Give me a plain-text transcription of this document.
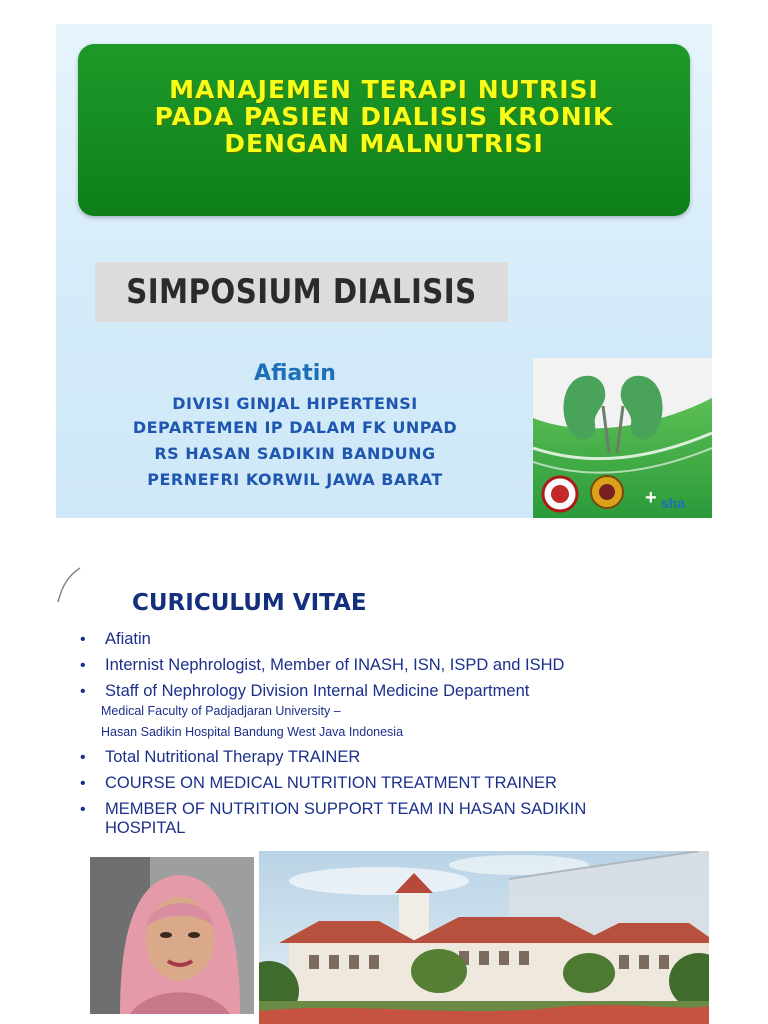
MANAJEMEN TERAPI NUTRISI
PADA PASIEN DIALISIS KRONIK
DENGAN MALNUTRISI

SIMPOSIUM DIALISIS
Afiatin
DIVISI GINJAL HIPERTENSI
DEPARTEMEN IP DALAM FK UNPAD
RS HASAN SADIKIN BANDUNG
PERNEFRI KORWIL JAWA BARAT
+ sha
CURICULUM VITAE
• Afiatin
• Internist Nephrologist, Member of INASH, ISN, ISPD and ISHD
• Staff of Nephrology Division Internal Medicine Department
Medical Faculty of Padjadjaran University –
Hasan Sadikin Hospital Bandung West Java Indonesia
• Total Nutritional Therapy TRAINER
• COURSE ON MEDICAL NUTRITION TREATMENT TRAINER
• MEMBER OF NUTRITION SUPPORT TEAM IN HASAN SADIKIN HOSPITAL
